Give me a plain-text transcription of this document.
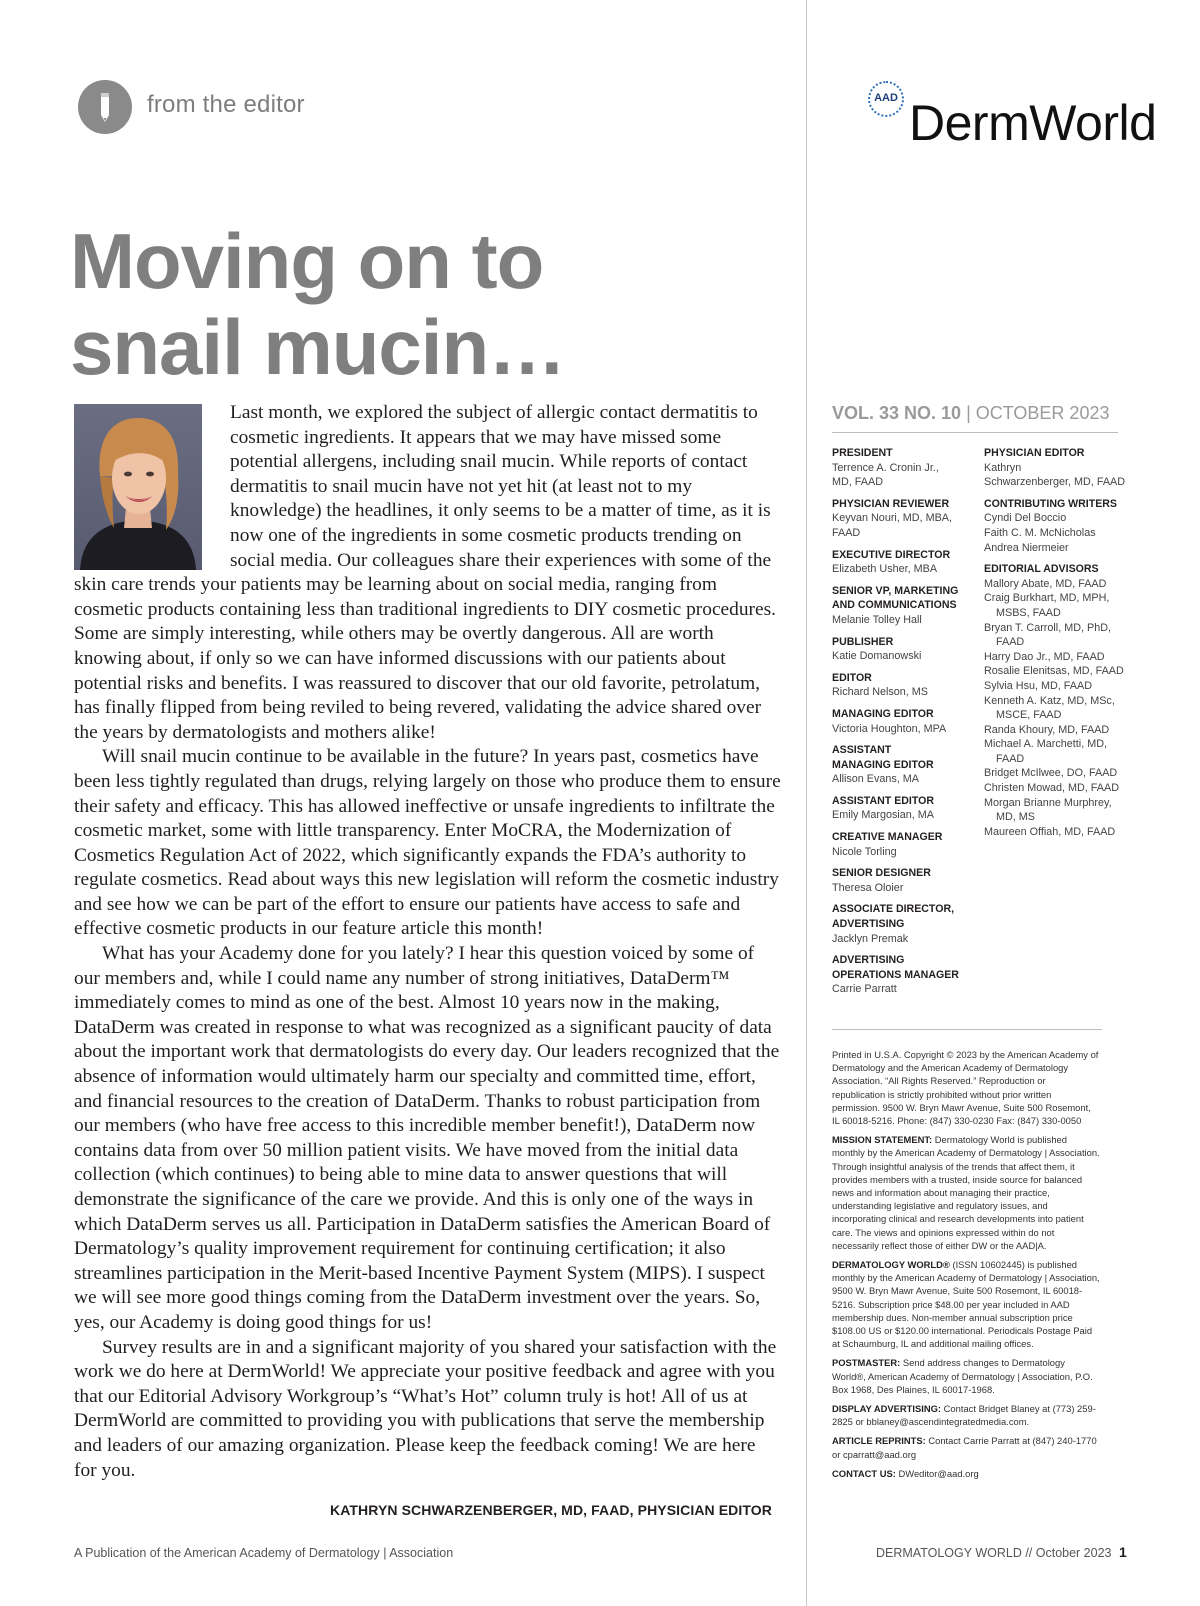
from the editor	AAD DermWorld
Moving on to
snail mucin…

Last month, we explored the subject of allergic contact dermatitis to cosmetic ingredients. It appears that we may have missed some potential allergens, including snail mucin. While reports of contact dermatitis to snail mucin have not yet hit (at least not to my knowledge) the headlines, it only seems to be a matter of time, as it is now one of the ingredients in some cosmetic products trending on social media. Our colleagues share their experiences with some of the skin care trends your patients may be learning about on social media, ranging from cosmetic products containing less than traditional ingredients to DIY cosmetic procedures. Some are simply interesting, while others may be overtly dangerous. All are worth knowing about, if only so we can have informed discussions with our patients about potential risks and benefits. I was reassured to discover that our old favorite, petrolatum, has finally flipped from being reviled to being revered, validating the advice shared over the years by dermatologists and mothers alike!

Will snail mucin continue to be available in the future? In years past, cosmetics have been less tightly regulated than drugs, relying largely on those who produce them to ensure their safety and efficacy. This has allowed ineffective or unsafe ingredients to infiltrate the cosmetic market, some with little transparency. Enter MoCRA, the Modernization of Cosmetics Regulation Act of 2022, which significantly expands the FDA’s authority to regulate cosmetics. Read about ways this new legislation will reform the cosmetic industry and see how we can be part of the effort to ensure our patients have access to safe and effective cosmetic products in our feature article this month!

What has your Academy done for you lately? I hear this question voiced by some of our members and, while I could name any number of strong initiatives, DataDerm™ immediately comes to mind as one of the best. Almost 10 years now in the making, DataDerm was created in response to what was recognized as a significant paucity of data about the important work that dermatologists do every day. Our leaders recognized that the absence of information would ultimately harm our specialty and committed time, effort, and financial resources to the creation of DataDerm. Thanks to robust participation from our members (who have free access to this incredible member benefit!), DataDerm now contains data from over 50 million patient visits. We have moved from the initial data collection (which continues) to being able to mine data to answer questions that will demonstrate the significance of the care we provide. And this is only one of the ways in which DataDerm serves us all. Participation in DataDerm satisfies the American Board of Dermatology’s quality improvement requirement for continuing certification; it also streamlines participation in the Merit-based Incentive Payment System (MIPS). I suspect we will see more good things coming from the DataDerm investment over the years. So, yes, our Academy is doing good things for us!

Survey results are in and a significant majority of you shared your satisfaction with the work we do here at DermWorld! We appreciate your positive feedback and agree with you that our Editorial Advisory Workgroup’s “What’s Hot” column truly is hot! All of us at DermWorld are committed to providing you with publications that serve the membership and leaders of our amazing organization. Please keep the feedback coming! We are here for you.

KATHRYN SCHWARZENBERGER, MD, FAAD, PHYSICIAN EDITOR
VOL. 33 NO. 10 | OCTOBER 2023
PRESIDENT
Terrence A. Cronin Jr.,
MD, FAAD
PHYSICIAN REVIEWER
Keyvan Nouri, MD, MBA,
FAAD
EXECUTIVE DIRECTOR
Elizabeth Usher, MBA
SENIOR VP, MARKETING
AND COMMUNICATIONS
Melanie Tolley Hall
PUBLISHER
Katie Domanowski
EDITOR
Richard Nelson, MS
MANAGING EDITOR
Victoria Houghton, MPA
ASSISTANT
MANAGING EDITOR
Allison Evans, MA
ASSISTANT EDITOR
Emily Margosian, MA
CREATIVE MANAGER
Nicole Torling
SENIOR DESIGNER
Theresa Oloier
ASSOCIATE DIRECTOR,
ADVERTISING
Jacklyn Premak
ADVERTISING
OPERATIONS MANAGER
Carrie Parratt
PHYSICIAN EDITOR
Kathryn
Schwarzenberger, MD, FAAD
CONTRIBUTING WRITERS
Cyndi Del Boccio
Faith C. M. McNicholas
Andrea Niermeier
EDITORIAL ADVISORS
Mallory Abate, MD, FAAD
Craig Burkhart, MD, MPH,
MSBS, FAAD
Bryan T. Carroll, MD, PhD,
FAAD
Harry Dao Jr., MD, FAAD
Rosalie Elenitsas, MD, FAAD
Sylvia Hsu, MD, FAAD
Kenneth A. Katz, MD, MSc,
MSCE, FAAD
Randa Khoury, MD, FAAD
Michael A. Marchetti, MD,
FAAD
Bridget McIlwee, DO, FAAD
Christen Mowad, MD, FAAD
Morgan Brianne Murphrey,
MD, MS
Maureen Offiah, MD, FAAD

Printed in U.S.A. Copyright © 2023 by the American Academy of Dermatology and the American Academy of Dermatology Association. “All Rights Reserved.” Reproduction or republication is strictly prohibited without prior written permission. 9500 W. Bryn Mawr Avenue, Suite 500 Rosemont, IL 60018-5216. Phone: (847) 330-0230 Fax: (847) 330-0050

MISSION STATEMENT: Dermatology World is published monthly by the American Academy of Dermatology | Association. Through insightful analysis of the trends that affect them, it provides members with a trusted, inside source for balanced news and information about managing their practice, understanding legislative and regulatory issues, and incorporating clinical and research developments into patient care. The views and opinions expressed within do not necessarily reflect those of either DW or the AAD|A.

DERMATOLOGY WORLD® (ISSN 10602445) is published monthly by the American Academy of Dermatology | Association, 9500 W. Bryn Mawr Avenue, Suite 500 Rosemont, IL 60018-5216. Subscription price $48.00 per year included in AAD membership dues. Non-member annual subscription price $108.00 US or $120.00 international. Periodicals Postage Paid at Schaumburg, IL and additional mailing offices.

POSTMASTER: Send address changes to Dermatology World®, American Academy of Dermatology | Association, P.O. Box 1968, Des Plaines, IL 60017-1968.

DISPLAY ADVERTISING: Contact Bridget Blaney at (773) 259-2825 or bblaney@ascendintegratedmedia.com.

ARTICLE REPRINTS: Contact Carrie Parratt at (847) 240-1770 or cparratt@aad.org

CONTACT US: DWeditor@aad.org

A Publication of the American Academy of Dermatology | Association	DERMATOLOGY WORLD // October 2023 1
